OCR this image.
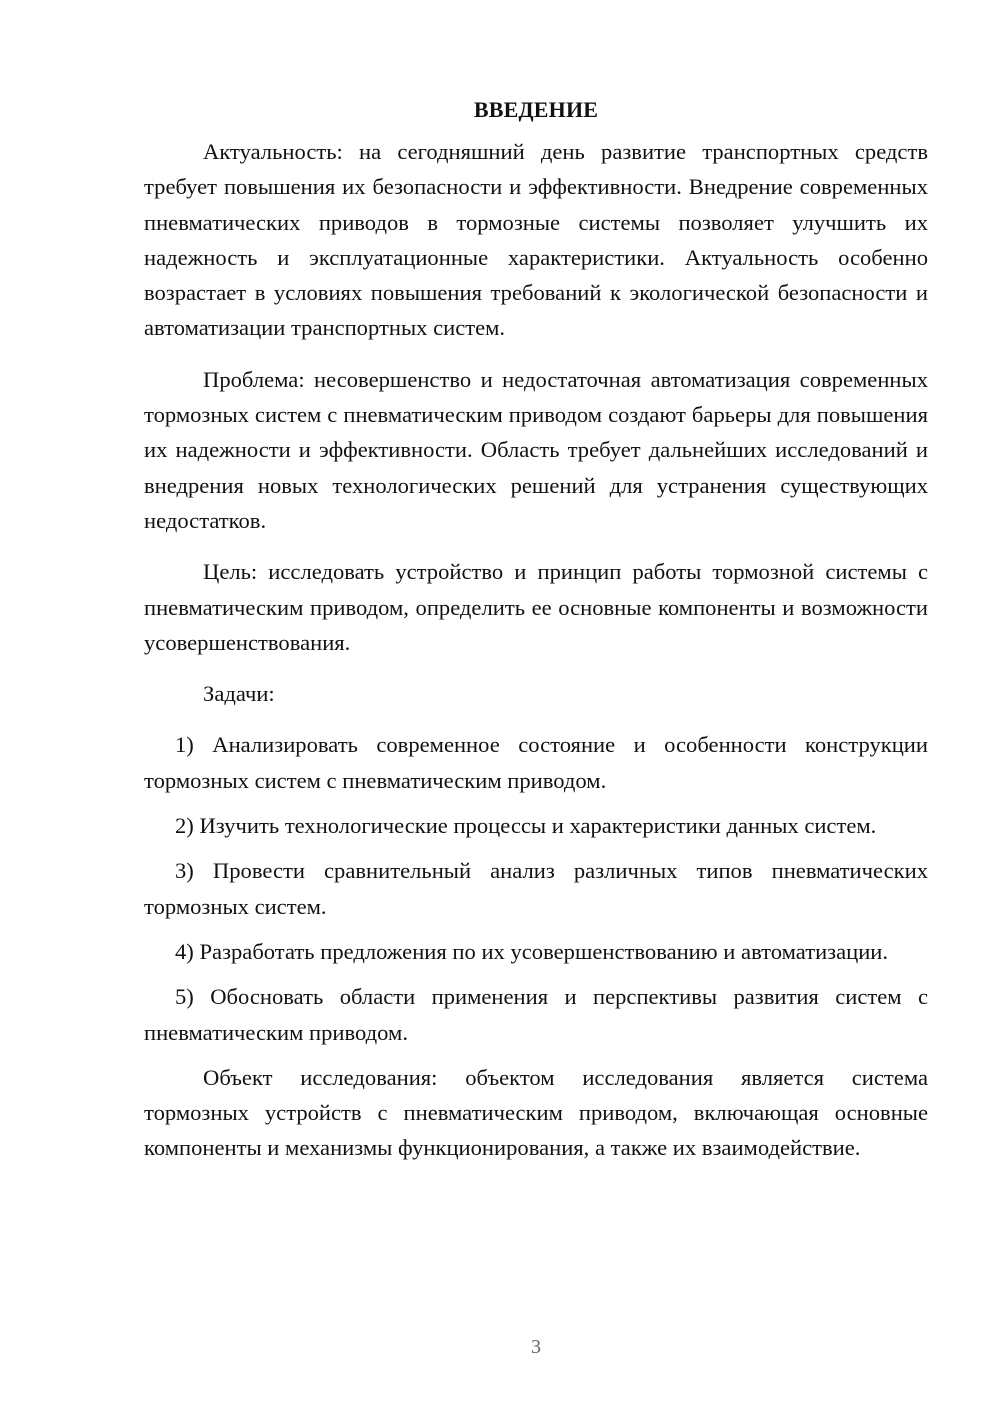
ВВЕДЕНИЕ

Актуальность: на сегодняшний день развитие транспортных средств требует повышения их безопасности и эффективности. Внедрение современных пневматических приводов в тормозные системы позволяет улучшить их надежность и эксплуатационные характеристики. Актуальность особенно возрастает в условиях повышения требований к экологической безопасности и автоматизации транспортных систем.

Проблема: несовершенство и недостаточная автоматизация современных тормозных систем с пневматическим приводом создают барьеры для повышения их надежности и эффективности. Область требует дальнейших исследований и внедрения новых технологических решений для устранения существующих недостатков.

Цель: исследовать устройство и принцип работы тормозной системы с пневматическим приводом, определить ее основные компоненты и возможности усовершенствования.

Задачи:

1) Анализировать современное состояние и особенности конструкции тормозных систем с пневматическим приводом.

2) Изучить технологические процессы и характеристики данных систем.

3) Провести сравнительный анализ различных типов пневматических тормозных систем.

4) Разработать предложения по их усовершенствованию и автоматизации.

5) Обосновать области применения и перспективы развития систем с пневматическим приводом.

Объект исследования: объектом исследования является система тормозных устройств с пневматическим приводом, включающая основные компоненты и механизмы функционирования, а также их взаимодействие.

3
